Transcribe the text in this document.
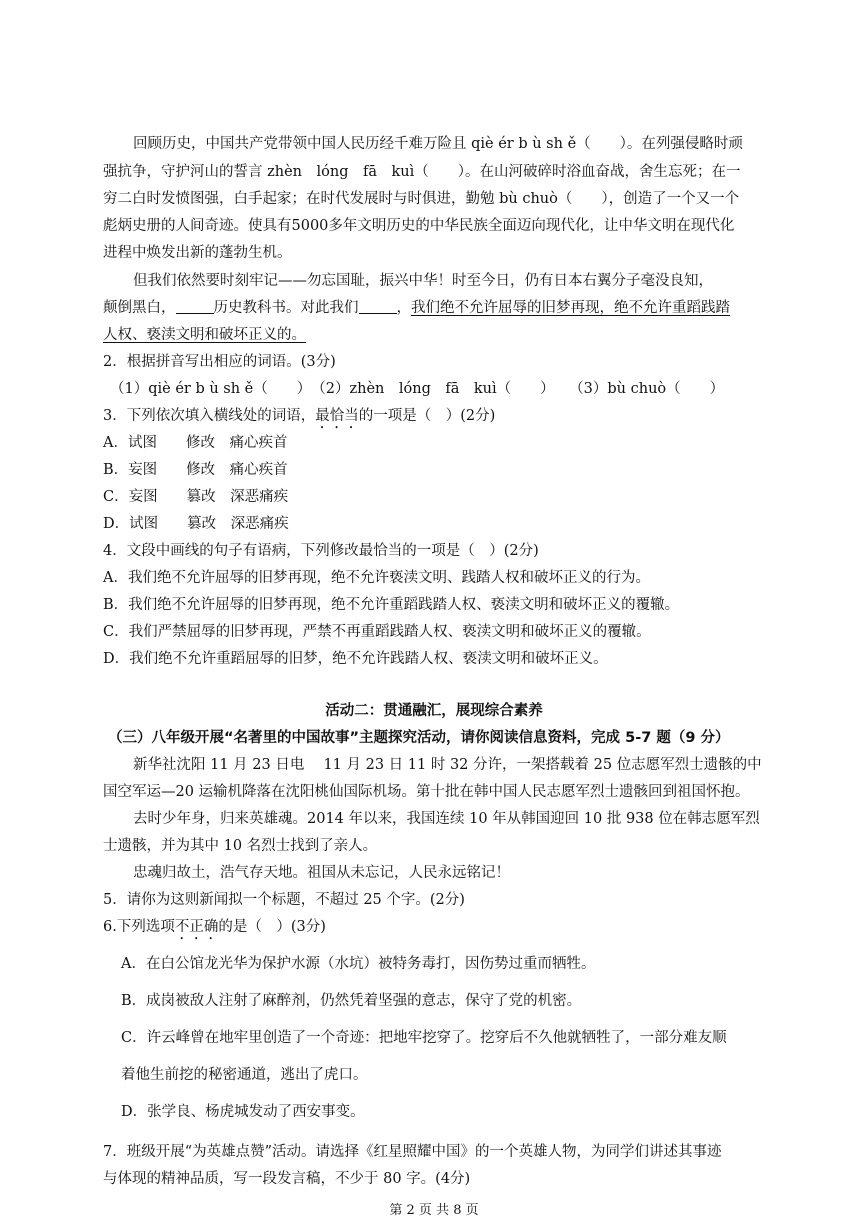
回顾历史，中国共产党带领中国人民历经千难万险且 qiè ér b ù sh ě（　　）。在列强侵略时顽
强抗争，守护河山的誓言 zhèn　lóng　fā　kuì（　　）。在山河破碎时浴血奋战，舍生忘死；在一
穷二白时发愤图强，白手起家；在时代发展时与时俱进，勤勉 bù chuò（　　），创造了一个又一个
彪炳史册的人间奇迹。使具有5000多年文明历史的中华民族全面迈向现代化，让中华文明在现代化
进程中焕发出新的蓬勃生机。
但我们依然要时刻牢记——勿忘国耻，振兴中华！时至今日，仍有日本右翼分子毫没良知，
颠倒黑白，	历史教科书。对此我们	，我们绝不允许屈辱的旧梦再现，绝不允许重蹈践踏
人权、亵渎文明和破坏正义的。
2．根据拼音写出相应的词语。(3分)
（1）qiè ér b ù sh ě（　　）　（2）zhèn　lóng　fā　kuì（　　）　　（3）bù chuò（　　）
3．下列依次填入横线处的词语，最恰当的一项是（　）(2分)
A．试图　　修改　痛心疾首
B．妄图　　修改　痛心疾首
C．妄图　　篡改　深恶痛疾
D．试图　　篡改　深恶痛疾
4．文段中画线的句子有语病，下列修改最恰当的一项是（　）(2分)
A．我们绝不允许屈辱的旧梦再现，绝不允许亵渎文明、践踏人权和破坏正义的行为。
B．我们绝不允许屈辱的旧梦再现，绝不允许重蹈践踏人权、亵渎文明和破坏正义的覆辙。
C．我们严禁屈辱的旧梦再现，严禁不再重蹈践踏人权、亵渎文明和破坏正义的覆辙。
D．我们绝不允许重蹈屈辱的旧梦，绝不允许践踏人权、亵渎文明和破坏正义。
活动二：贯通融汇，展现综合素养
（三）八年级开展“名著里的中国故事”主题探究活动，请你阅读信息资料，完成 5-7 题（9 分）
新华社沈阳 11 月 23 日电　 11 月 23 日 11 时 32 分许，一架搭载着 25 位志愿军烈士遗骸的中
国空军运—20 运输机降落在沈阳桃仙国际机场。第十批在韩中国人民志愿军烈士遗骸回到祖国怀抱。
去时少年身，归来英雄魂。2014 年以来，我国连续 10 年从韩国迎回 10 批 938 位在韩志愿军烈
士遗骸，并为其中 10 名烈士找到了亲人。
忠魂归故土，浩气存天地。祖国从未忘记，人民永远铭记！
5．请你为这则新闻拟一个标题，不超过 25 个字。(2分)
6.下列选项不正确的是（　）(3分)
A．在白公馆龙光华为保护水源（水坑）被特务毒打，因伤势过重而牺牲。
B．成岗被敌人注射了麻醉剂，仍然凭着坚强的意志，保守了党的机密。
C．许云峰曾在地牢里创造了一个奇迹：把地牢挖穿了。挖穿后不久他就牺牲了，一部分难友顺
着他生前挖的秘密通道，逃出了虎口。
D．张学良、杨虎城发动了西安事变。
7．班级开展“为英雄点赞”活动。请选择《红星照耀中国》的一个英雄人物，为同学们讲述其事迹
与体现的精神品质，写一段发言稿，不少于 80 字。(4分)
第 2 页 共 8 页
